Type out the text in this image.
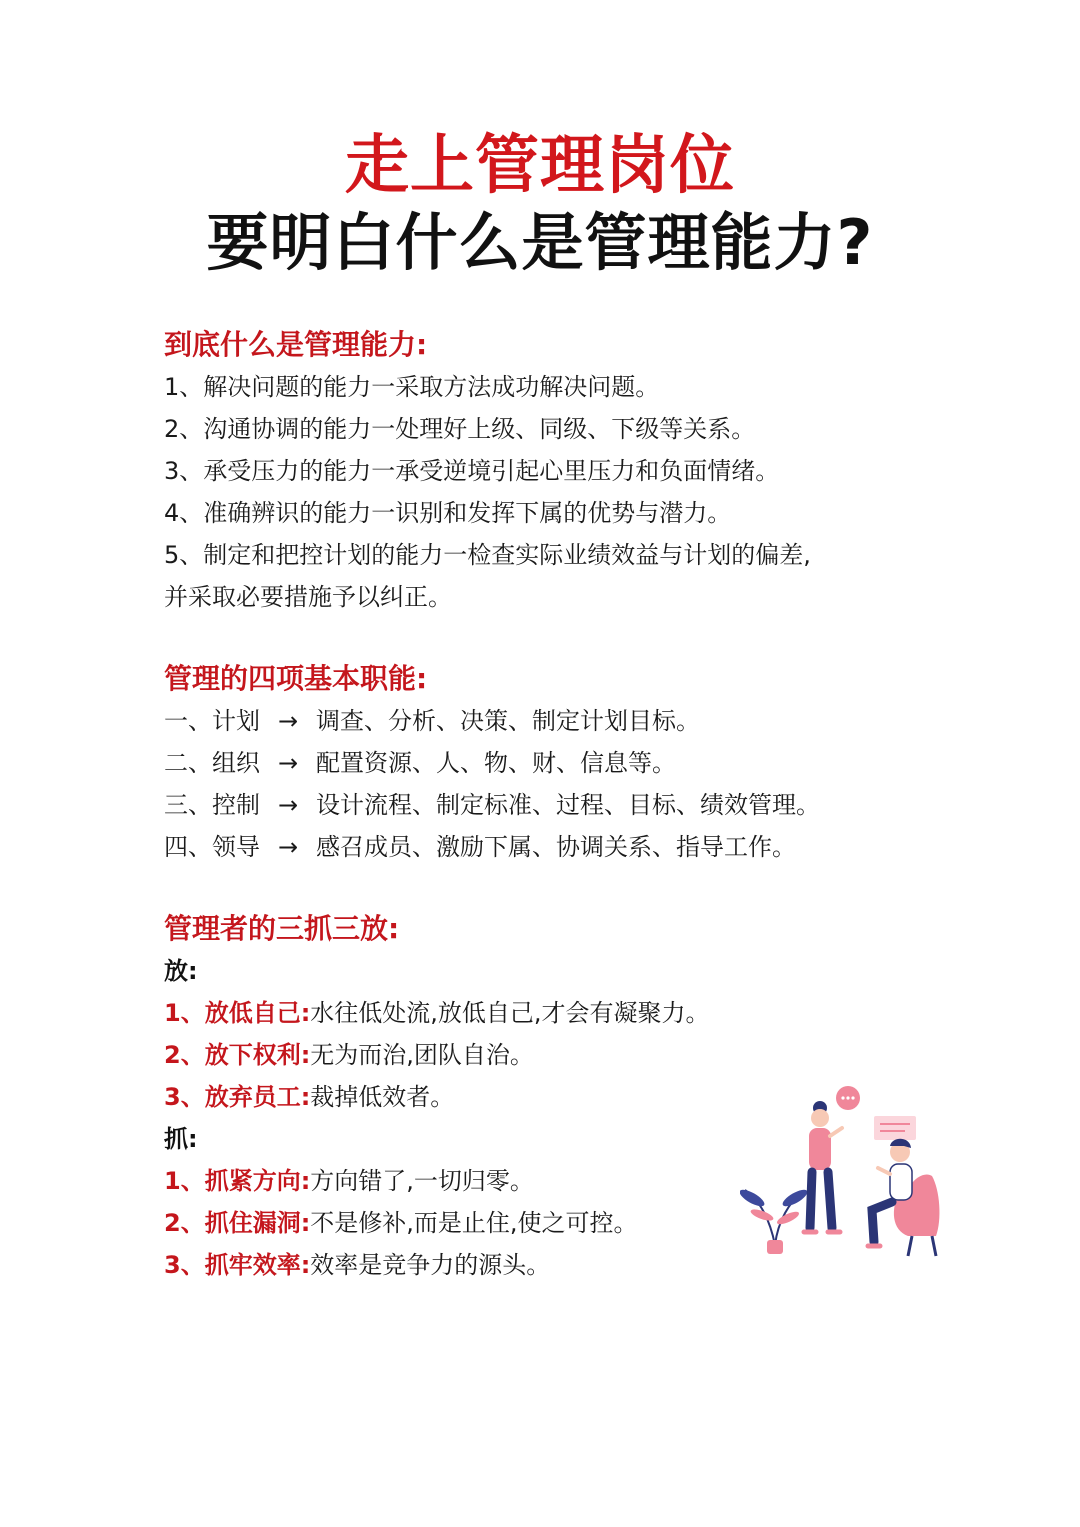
走上管理岗位
要明白什么是管理能力?
到底什么是管理能力:
1、解决问题的能力一采取方法成功解决问题。
2、沟通协调的能力一处理好上级、同级、下级等关系。
3、承受压力的能力一承受逆境引起心里压力和负面情绪。
4、准确辨识的能力一识别和发挥下属的优势与潜力。
5、制定和把控计划的能力一检查实际业绩效益与计划的偏差,
并采取必要措施予以纠正。
管理的四项基本职能:
一、计划 → 调查、分析、决策、制定计划目标。
二、组织 → 配置资源、人、物、财、信息等。
三、控制 → 设计流程、制定标准、过程、目标、绩效管理。
四、领导 → 感召成员、激励下属、协调关系、指导工作。
管理者的三抓三放:
放:
1、放低自己:水往低处流,放低自己,才会有凝聚力。
2、放下权利:无为而治,团队自治。
3、放弃员工:裁掉低效者。
抓:
1、抓紧方向:方向错了,一切归零。
2、抓住漏洞:不是修补,而是止住,使之可控。
3、抓牢效率:效率是竞争力的源头。
